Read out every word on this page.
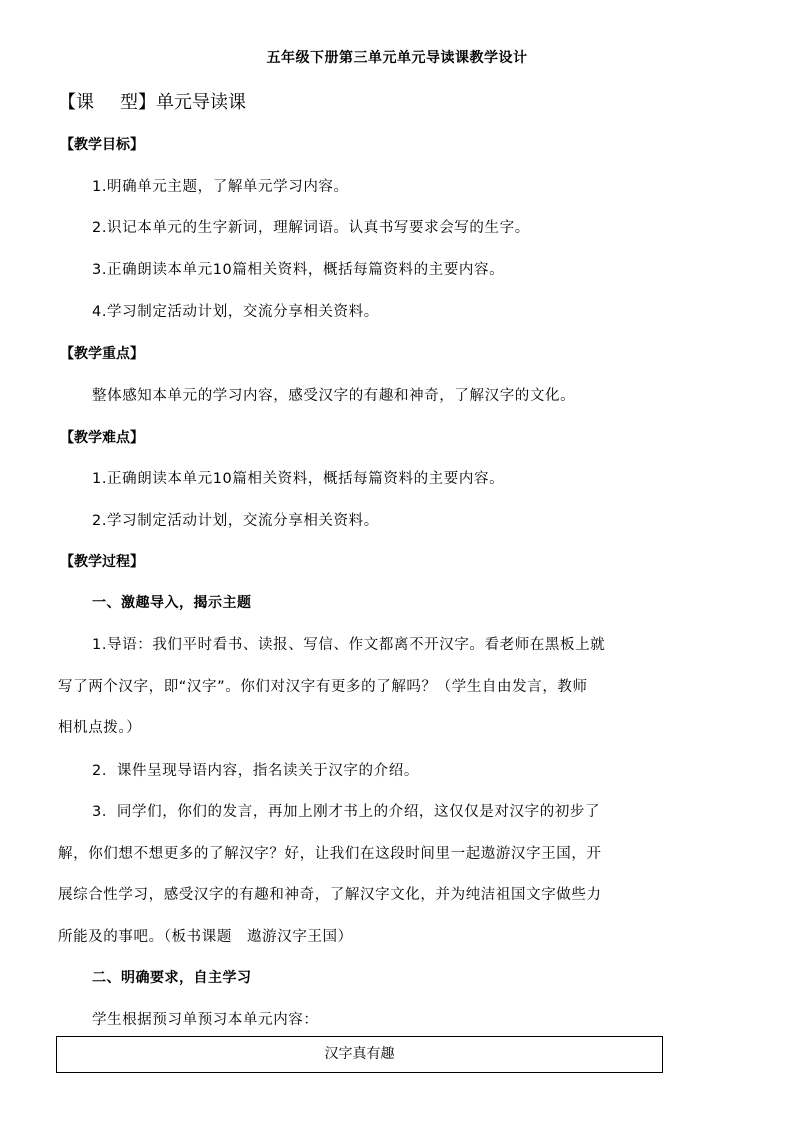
五年级下册第三单元单元导读课教学设计
【课 型】单元导读课
【教学目标】
1.明确单元主题，了解单元学习内容。
2.识记本单元的生字新词，理解词语。认真书写要求会写的生字。
3.正确朗读本单元10篇相关资料，概括每篇资料的主要内容。
4.学习制定活动计划，交流分享相关资料。
【教学重点】
整体感知本单元的学习内容，感受汉字的有趣和神奇，了解汉字的文化。
【教学难点】
1.正确朗读本单元10篇相关资料，概括每篇资料的主要内容。
2.学习制定活动计划，交流分享相关资料。
【教学过程】
一、激趣导入，揭示主题
1.导语：我们平时看书、读报、写信、作文都离不开汉字。看老师在黑板上就
写了两个汉字，即“汉字”。你们对汉字有更多的了解吗？（学生自由发言，教师
相机点拨。）
2．课件呈现导语内容，指名读关于汉字的介绍。
3．同学们，你们的发言，再加上刚才书上的介绍，这仅仅是对汉字的初步了
解，你们想不想更多的了解汉字？好，让我们在这段时间里一起遨游汉字王国，开
展综合性学习，感受汉字的有趣和神奇，了解汉字文化，并为纯洁祖国文字做些力
所能及的事吧。（板书课题　遨游汉字王国）
二、明确要求，自主学习
学生根据预习单预习本单元内容：
汉字真有趣
